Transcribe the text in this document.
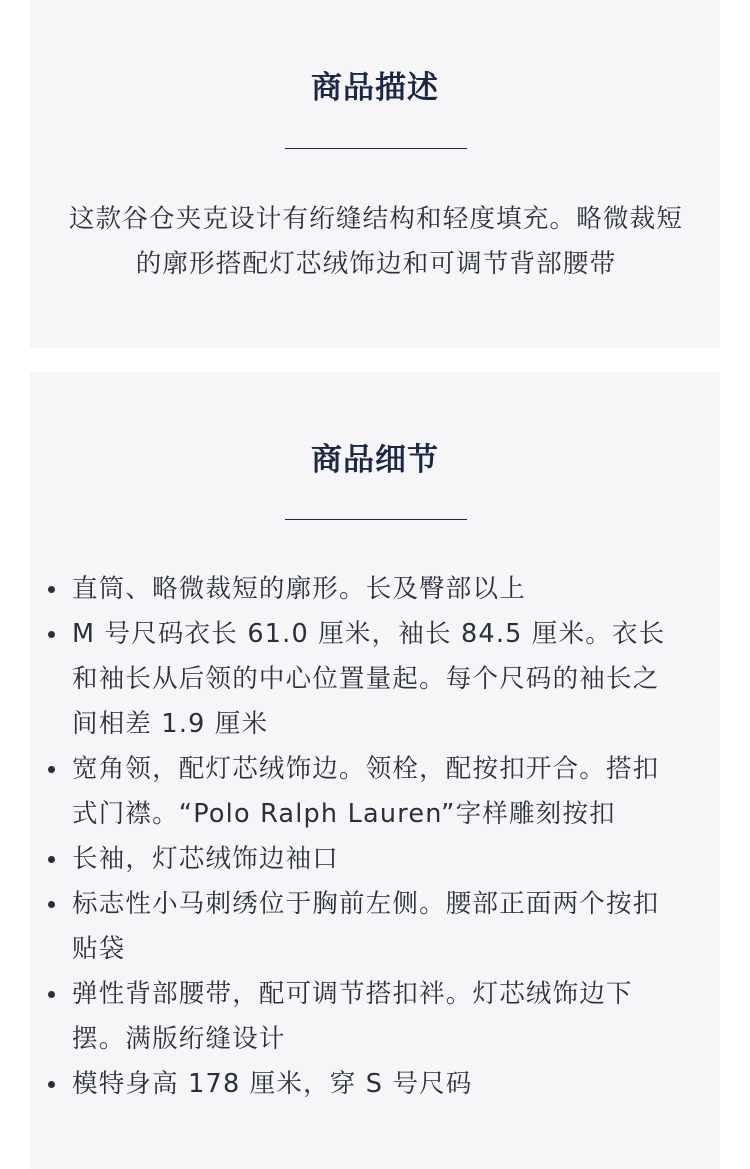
商品描述

这款谷仓夹克设计有绗缝结构和轻度填充。略微裁短的廓形搭配灯芯绒饰边和可调节背部腰带

商品细节
直筒、略微裁短的廓形。长及臀部以上
M 号尺码衣长 61.0 厘米，袖长 84.5 厘米。衣长和袖长从后领的中心位置量起。每个尺码的袖长之间相差 1.9 厘米
宽角领，配灯芯绒饰边。领栓，配按扣开合。搭扣式门襟。“Polo Ralph Lauren”字样雕刻按扣
长袖，灯芯绒饰边袖口
标志性小马刺绣位于胸前左侧。腰部正面两个按扣贴袋
弹性背部腰带，配可调节搭扣袢。灯芯绒饰边下摆。满版绗缝设计
模特身高 178 厘米，穿 S 号尺码
